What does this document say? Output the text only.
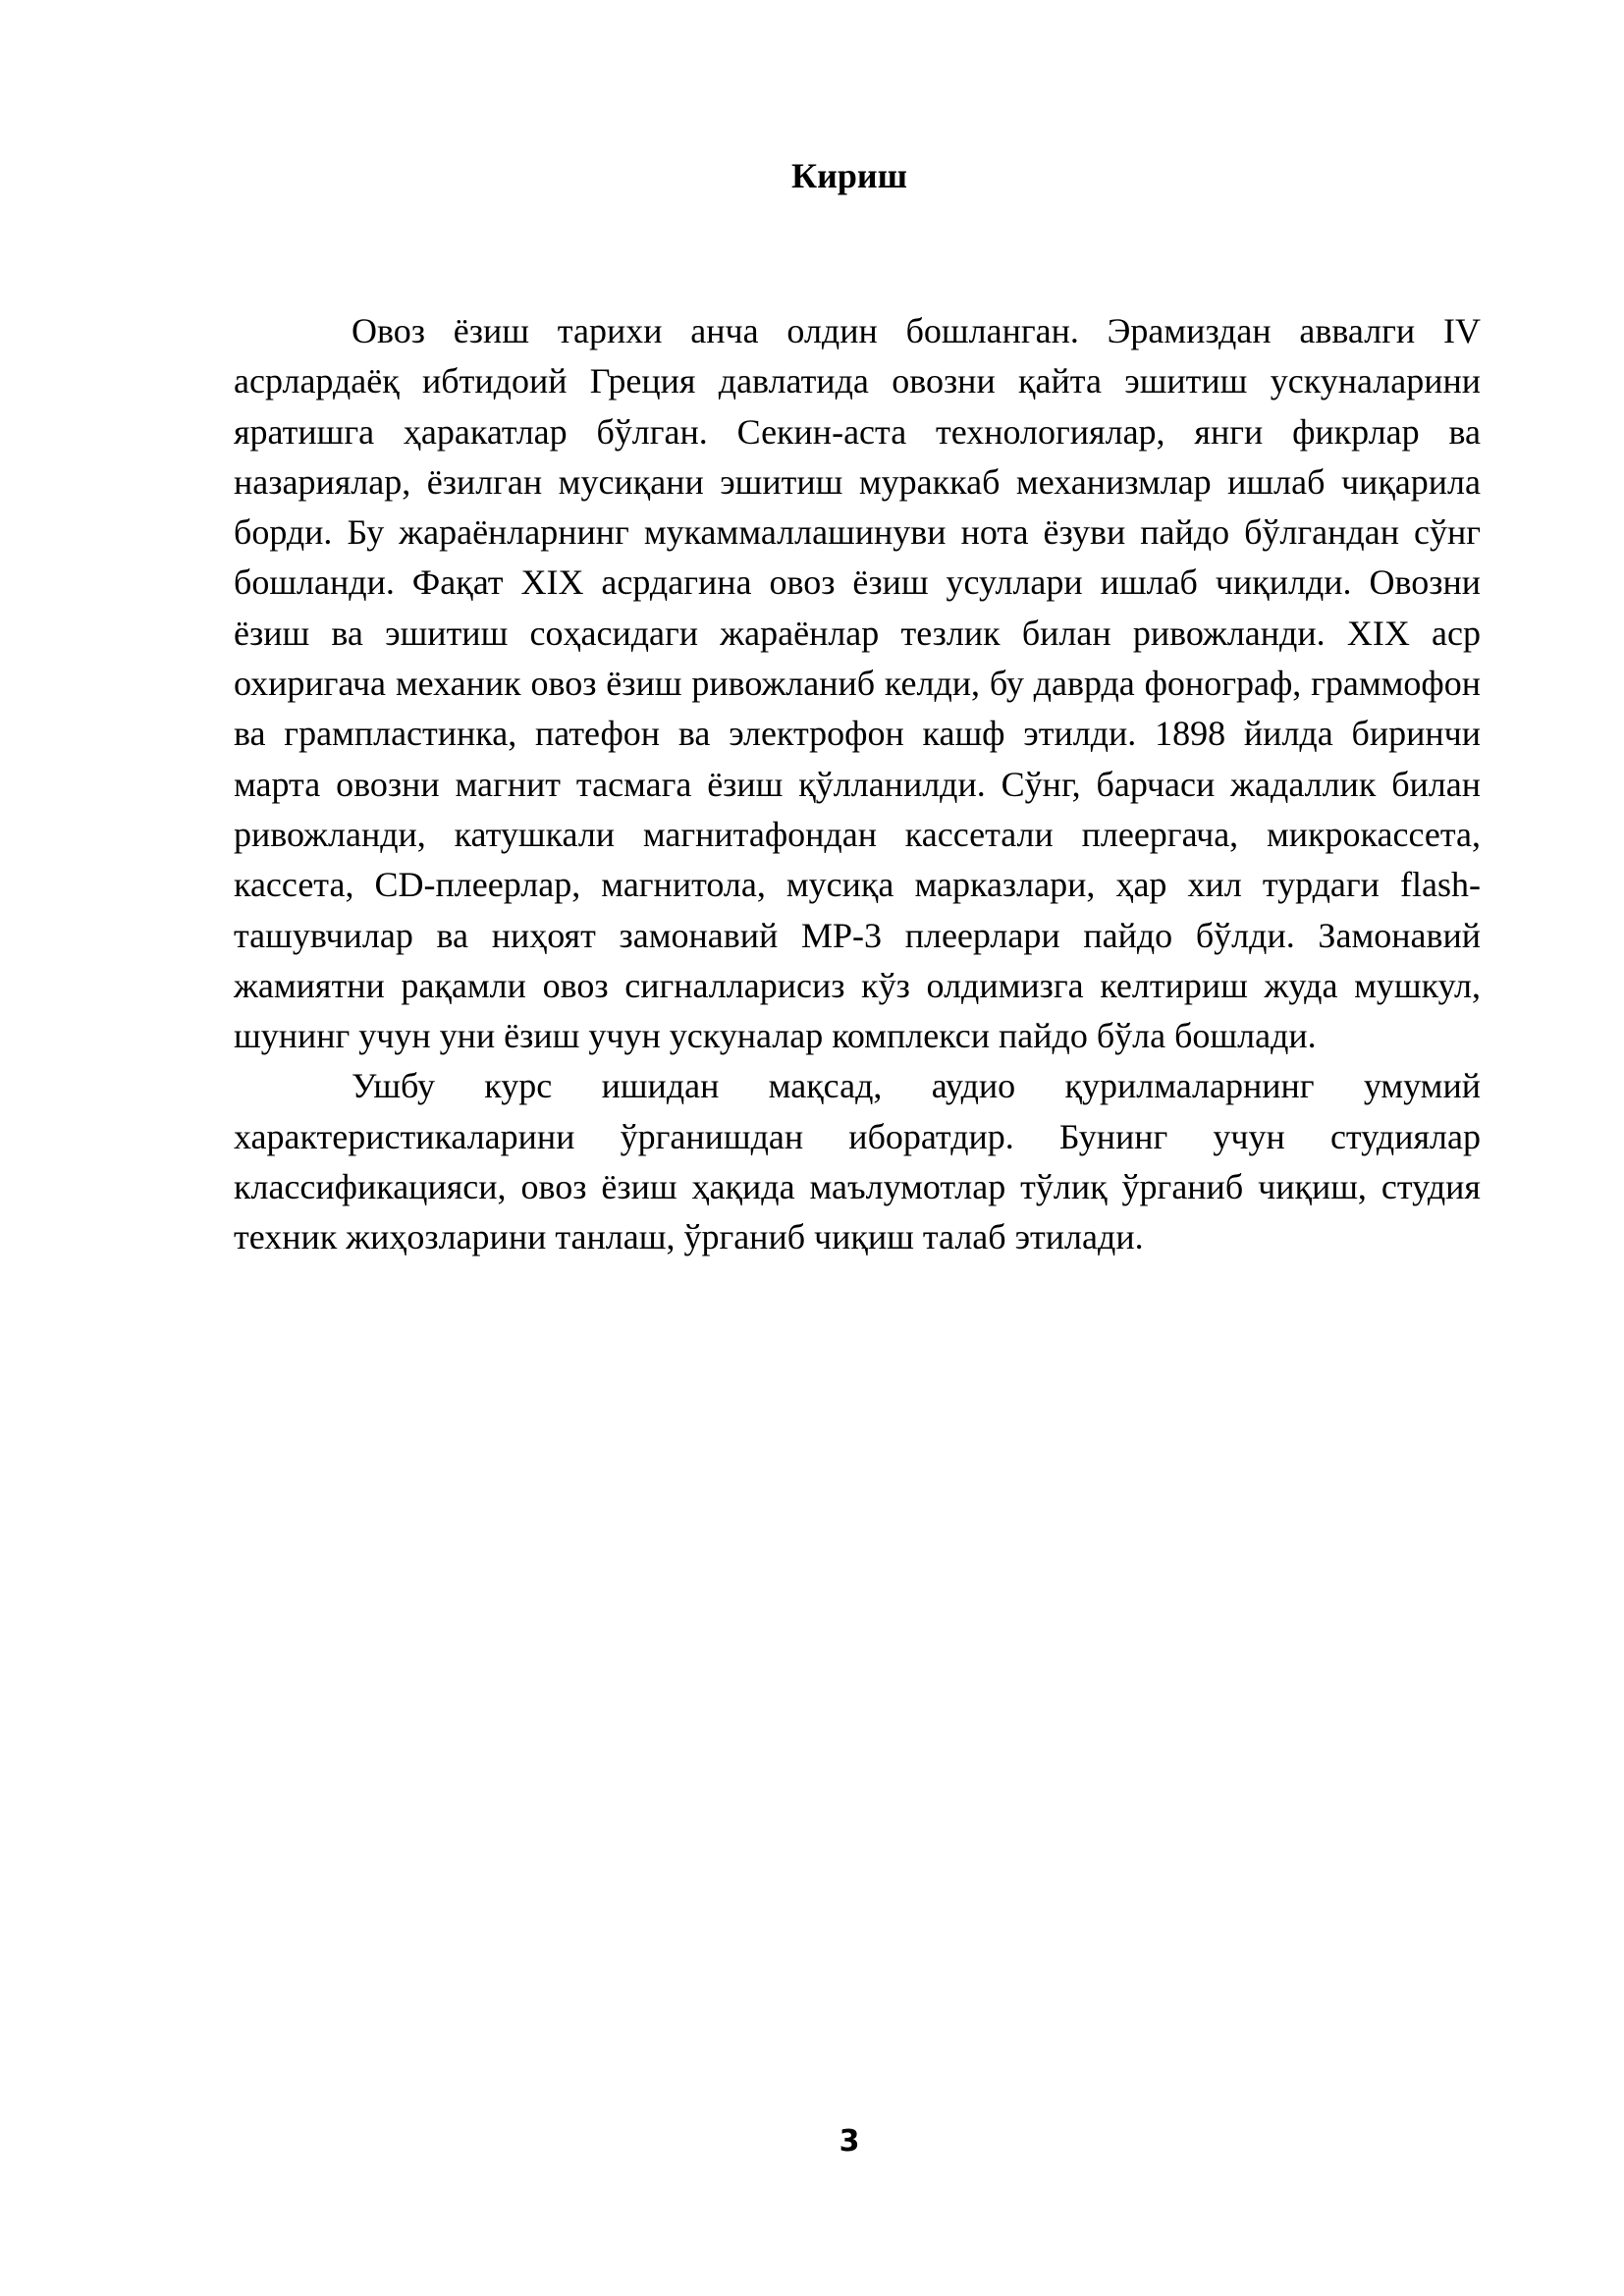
Кириш

Овоз ёзиш тарихи анча олдин бошланган. Эрамиздан аввалги IV асрлардаёқ ибтидоий Греция давлатида овозни қайта эшитиш ускуналарини яратишга ҳаракатлар бўлган. Секин-аста технологиялар, янги фикрлар ва назариялар, ёзилган мусиқани эшитиш мураккаб механизмлар ишлаб чиқарила борди. Бу жараёнларнинг мукаммаллашинуви нота ёзуви пайдо бўлгандан сўнг бошланди. Фақат XIX асрдагина овоз ёзиш усуллари ишлаб чиқилди. Овозни ёзиш ва эшитиш соҳасидаги жараёнлар тезлик билан ривожланди. XIX аср охиригача механик овоз ёзиш ривожланиб келди, бу даврда фонограф, граммофон ва грампластинка, патефон ва электрофон кашф этилди. 1898 йилда биринчи марта овозни магнит тасмага ёзиш қўлланилди. Сўнг, барчаси жадаллик билан ривожланди, катушкали магнитафондан кассетали плеергача, микрокассета, кассета, CD-плеерлар, магнитола, мусиқа марказлари, ҳар хил турдаги flash- ташувчилар ва ниҳоят замонавий MP-3 плеерлари пайдо бўлди. Замонавий жамиятни рақамли овоз сигналларисиз кўз олдимизга келтириш жуда мушкул, шунинг учун уни ёзиш учун ускуналар комплекси пайдо бўла бошлади.

Ушбу курс ишидан мақсад, аудио қурилмаларнинг умумий характеристикаларини ўрганишдан иборатдир. Бунинг учун студиялар классификацияси, овоз ёзиш ҳақида маълумотлар тўлиқ ўрганиб чиқиш, студия техник жиҳозларини танлаш, ўрганиб чиқиш талаб этилади.

3
